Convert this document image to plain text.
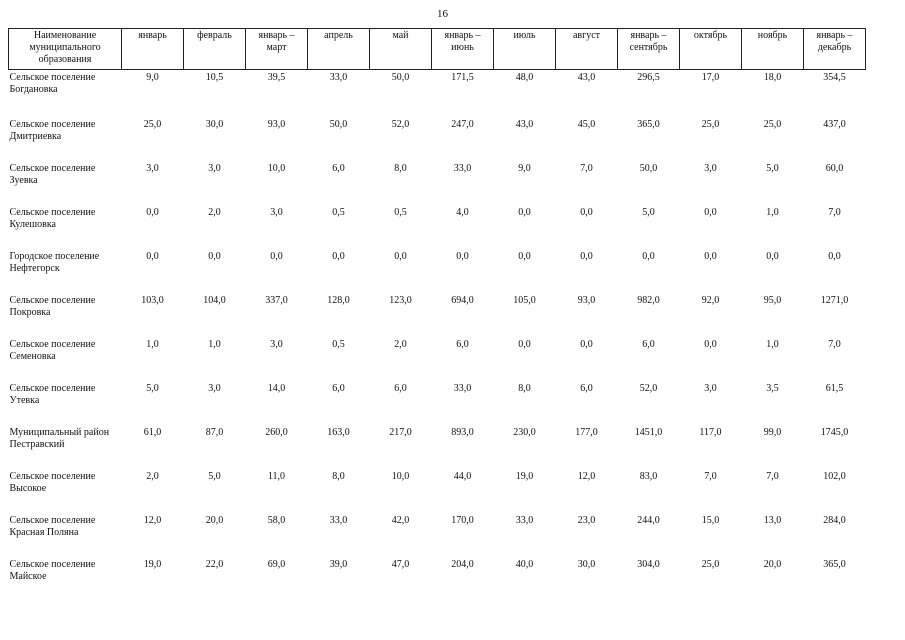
16
Наименование муниципального образования	январь	февраль	январь – март	апрель	май	январь – июнь	июль	август	январь – сентябрь	октябрь	ноябрь	январь – декабрь
Сельское поселение Богдановка	9,0	10,5	39,5	33,0	50,0	171,5	48,0	43,0	296,5	17,0	18,0	354,5
Сельское поселение Дмитриевка	25,0	30,0	93,0	50,0	52,0	247,0	43,0	45,0	365,0	25,0	25,0	437,0
Сельское поселение Зуевка	3,0	3,0	10,0	6,0	8,0	33,0	9,0	7,0	50,0	3,0	5,0	60,0
Сельское поселение Кулешовка	0,0	2,0	3,0	0,5	0,5	4,0	0,0	0,0	5,0	0,0	1,0	7,0
Городское поселение Нефтегорск	0,0	0,0	0,0	0,0	0,0	0,0	0,0	0,0	0,0	0,0	0,0	0,0
Сельское поселение Покровка	103,0	104,0	337,0	128,0	123,0	694,0	105,0	93,0	982,0	92,0	95,0	1271,0
Сельское поселение Семеновка	1,0	1,0	3,0	0,5	2,0	6,0	0,0	0,0	6,0	0,0	1,0	7,0
Сельское поселение Утевка	5,0	3,0	14,0	6,0	6,0	33,0	8,0	6,0	52,0	3,0	3,5	61,5
Муниципальный район Пестравский	61,0	87,0	260,0	163,0	217,0	893,0	230,0	177,0	1451,0	117,0	99,0	1745,0
Сельское поселение Высокое	2,0	5,0	11,0	8,0	10,0	44,0	19,0	12,0	83,0	7,0	7,0	102,0
Сельское поселение Красная Поляна	12,0	20,0	58,0	33,0	42,0	170,0	33,0	23,0	244,0	15,0	13,0	284,0
Сельское поселение Майское	19,0	22,0	69,0	39,0	47,0	204,0	40,0	30,0	304,0	25,0	20,0	365,0
